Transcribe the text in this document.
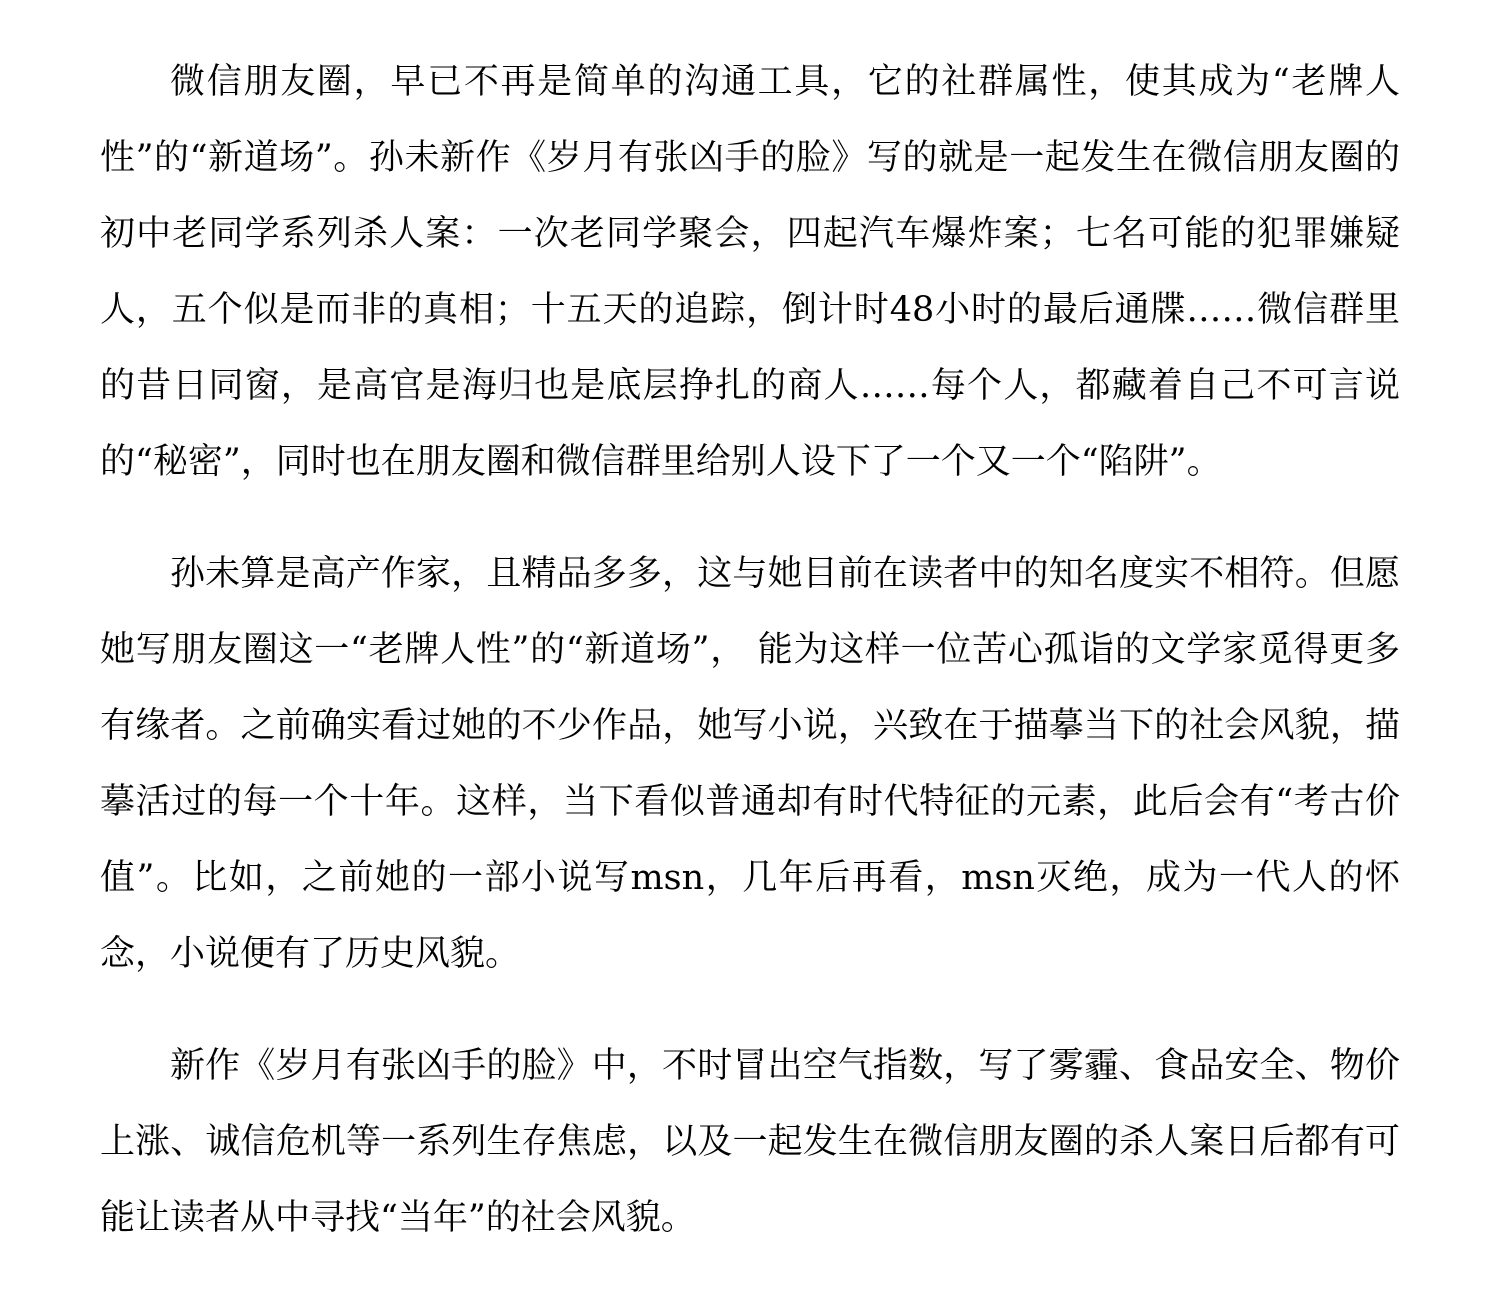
微信朋友圈，早已不再是简单的沟通工具，它的社群属性，使其成为“老牌人性”的“新道场”。孙未新作《岁月有张凶手的脸》写的就是一起发生在微信朋友圈的初中老同学系列杀人案：一次老同学聚会，四起汽车爆炸案；七名可能的犯罪嫌疑人，五个似是而非的真相；十五天的追踪，倒计时48小时的最后通牒……微信群里的昔日同窗，是高官是海归也是底层挣扎的商人……每个人，都藏着自己不可言说的“秘密”，同时也在朋友圈和微信群里给别人设下了一个又一个“陷阱”。

孙未算是高产作家，且精品多多，这与她目前在读者中的知名度实不相符。但愿她写朋友圈这一“老牌人性”的“新道场”， 能为这样一位苦心孤诣的文学家觅得更多有缘者。之前确实看过她的不少作品，她写小说，兴致在于描摹当下的社会风貌，描摹活过的每一个十年。这样，当下看似普通却有时代特征的元素，此后会有“考古价值”。比如，之前她的一部小说写msn，几年后再看，msn灭绝，成为一代人的怀念，小说便有了历史风貌。

新作《岁月有张凶手的脸》中，不时冒出空气指数，写了雾霾、食品安全、物价上涨、诚信危机等一系列生存焦虑，以及一起发生在微信朋友圈的杀人案日后都有可能让读者从中寻找“当年”的社会风貌。
